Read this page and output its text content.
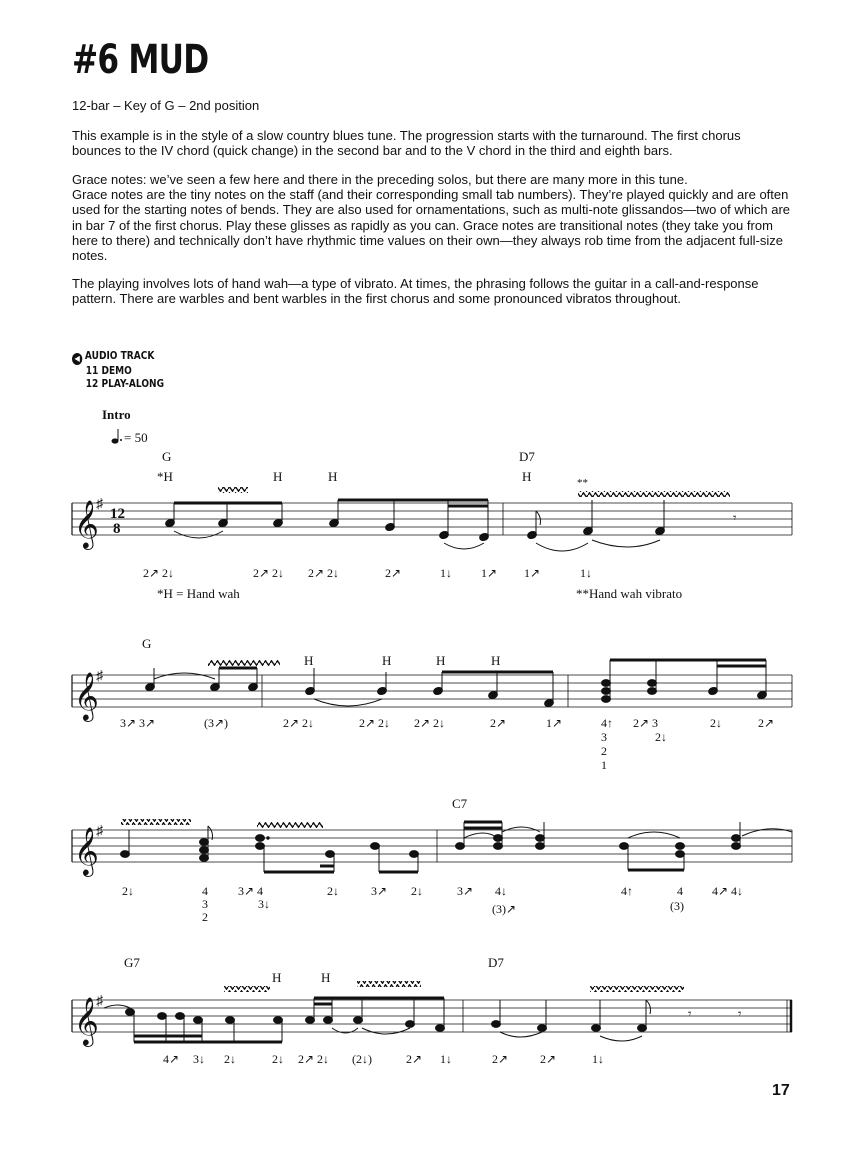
#6 MUD
12-bar – Key of G – 2nd position

This example is in the style of a slow country blues tune. The progression starts with the turnaround. The first chorus bounces to the IV chord (quick change) in the second bar and to the V chord in the third and eighth bars.

Grace notes: we’ve seen a few here and there in the preceding solos, but there are many more in this tune.
Grace notes are the tiny notes on the staff (and their corresponding small tab numbers). They’re played quickly and are often used for the starting notes of bends. They are also used for ornamentations, such as multi-note glissandos—two of which are in bar 7 of the first chorus. Play these glisses as rapidly as you can. Grace notes are transitional notes (they take you from here to there) and technically don’t have rhythmic time values on their own—they always rob time from the adjacent full-size notes.

The playing involves lots of hand wah—a type of vibrato. At times, the phrasing follows the guitar in a call-and-response pattern. There are warbles and bent warbles in the first chorus and some pronounced vibratos throughout.

◀ AUDIO TRACK
11 DEMO
12 PLAY-ALONG
Intro
= 50
G	D7
*H	H	H	H	**
𝄞
♯
12
8
𝄾
2↗ 2↓	2↗ 2↓ 2↗ 2↓	2↗	1↓ 1↗ 1↗	1↓
*H = Hand wah	**Hand wah vibrato
G
H	H	H	H
𝄞
♯
3↗ 3↗	(3↗)	2↗ 2↓	2↗ 2↓ 2↗ 2↓	2↗	1↗	4↑
3
2
1
2↗ 3
2↓
2↓	2↗
C7
𝄞
♯
2↓	4
3
2
3↗ 4
3↓
2↓	3↗ 2↓	3↗ 4↓
(3)↗
4↑	4
(3)
4↗ 4↓
G7	D7
H	H
𝄞
♯
𝄾	𝄾
4↗ 3↓ 2↓	2↓ 2↗ 2↓ (2↓)	2↗ 1↓	2↗	2↗	1↓
17
